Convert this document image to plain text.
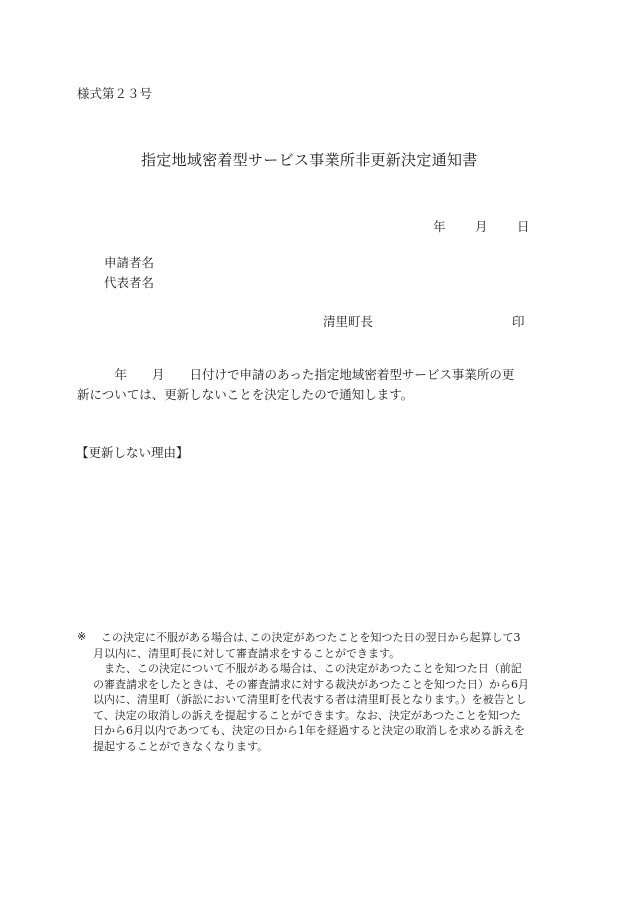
様式第２３号
指定地域密着型サービス事業所非更新決定通知書
年 月 日
申請者名
代表者名
清里町長	印
　　　年　　月　　日付けで申請のあった指定地域密着型サービス事業所の更
新については、更新しないことを決定したので通知します。
【更新しない理由】
※	この決定に不服がある場合は､この決定があつたことを知つた日の翌日から起算して3
月以内に、清里町長に対して審査請求をすることができます。
　また、この決定について不服がある場合は、この決定があつたことを知つた日（前記
の審査請求をしたときは、その審査請求に対する裁決があつたことを知つた日）から6月
以内に、清里町（訴訟において清里町を代表する者は清里町長となります。）を被告とし
て、決定の取消しの訴えを提起することができます。なお、決定があつたことを知つた
日から6月以内であつても、決定の日から1年を経過すると決定の取消しを求める訴えを
提起することができなくなります。
